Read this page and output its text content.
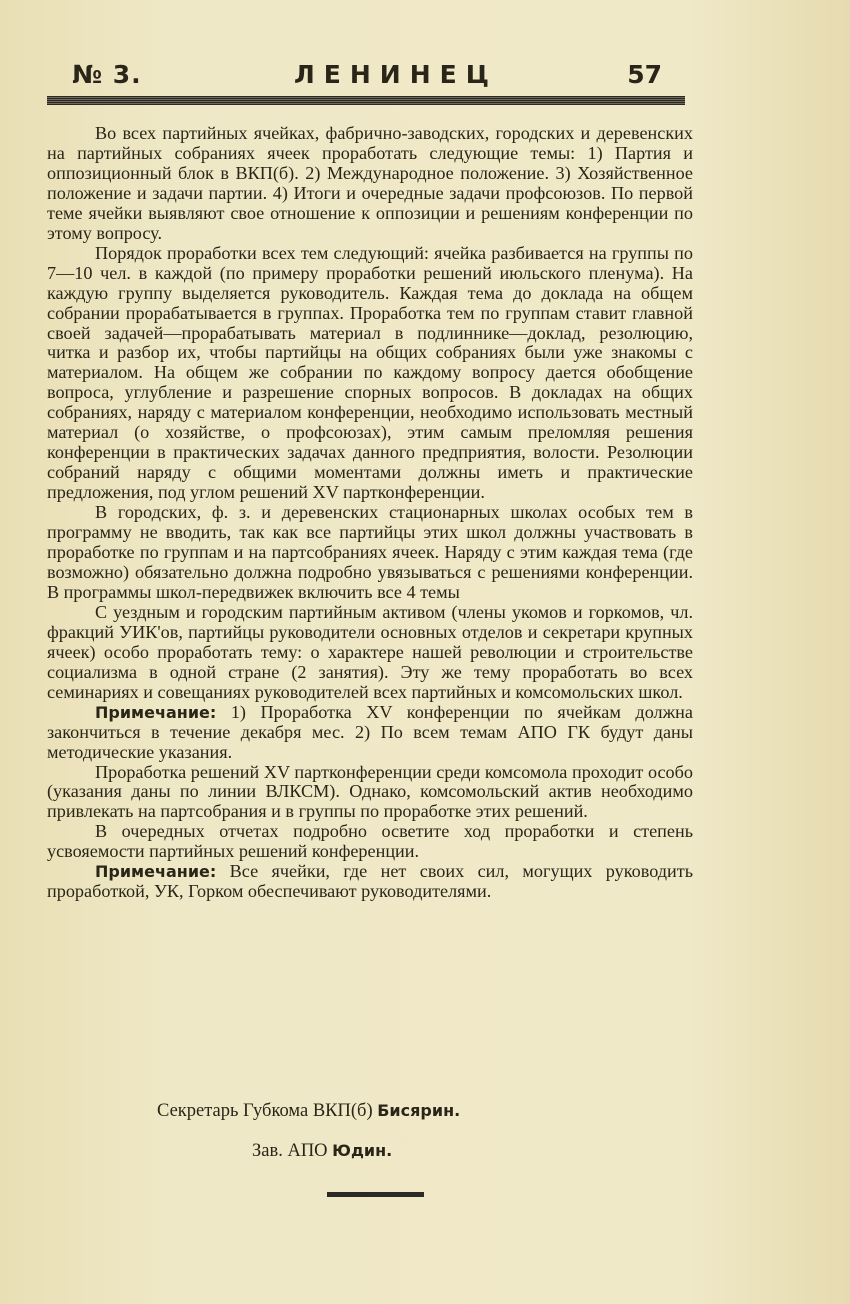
№ 3.	ЛЕНИНЕЦ	57

Во всех партийных ячейках, фабрично-заводских, городских и деревенских на партийных собраниях ячеек проработать следующие темы: 1) Партия и оппозиционный блок в ВКП(б). 2) Международное положение. 3) Хозяйственное положение и задачи партии. 4) Итоги и очередные задачи профсоюзов. По первой теме ячейки выявляют свое отношение к оппозиции и решениям конференции по этому вопросу.

Порядок проработки всех тем следующий: ячейка разбивается на группы по 7—10 чел. в каждой (по примеру проработки решений июльского пленума). На каждую группу выделяется руководитель. Каждая тема до доклада на общем собрании прорабатывается в группах. Проработка тем по группам ставит главной своей задачей—прорабатывать материал в подлиннике—доклад, резолюцию, читка и разбор их, чтобы партийцы на общих собраниях были уже знакомы с материалом. На общем же собрании по каждому вопросу дается обобщение вопроса, углубление и разрешение спорных вопросов. В докладах на общих собраниях, наряду с материалом конференции, необходимо использовать местный материал (о хозяйстве, о профсоюзах), этим самым преломляя решения конференции в практических задачах данного предприятия, волости. Резолюции собраний наряду с общими моментами должны иметь и практические предложения, под углом решений XV партконференции.

В городских, ф. з. и деревенских стационарных школах особых тем в программу не вводить, так как все партийцы этих школ должны участвовать в проработке по группам и на партсобраниях ячеек. Наряду с этим каждая тема (где возможно) обязательно должна подробно увязываться с решениями конференции. В программы школ-передвижек включить все 4 темы

С уездным и городским партийным активом (члены укомов и горкомов, чл. фракций УИК'ов, партийцы руководители основных отделов и секретари крупных ячеек) особо проработать тему: о характере нашей революции и строительстве социализма в одной стране (2 занятия). Эту же тему проработать во всех семинариях и совещаниях руководителей всех партийных и комсомольских школ.

Примечание: 1) Проработка XV конференции по ячейкам должна закончиться в течение декабря мес. 2) По всем темам АПО ГК будут даны методические указания.

Проработка решений XV партконференции среди комсомола проходит особо (указания даны по линии ВЛКСМ). Однако, комсомольский актив необходимо привлекать на партсобрания и в группы по проработке этих решений.

В очередных отчетах подробно осветите ход проработки и степень усвояемости партийных решений конференции.

Примечание: Все ячейки, где нет своих сил, могущих руководить проработкой, УК, Горком обеспечивают руководителями.

Секретарь Губкома ВКП(б) Бисярин.
Зав. АПО Юдин.
